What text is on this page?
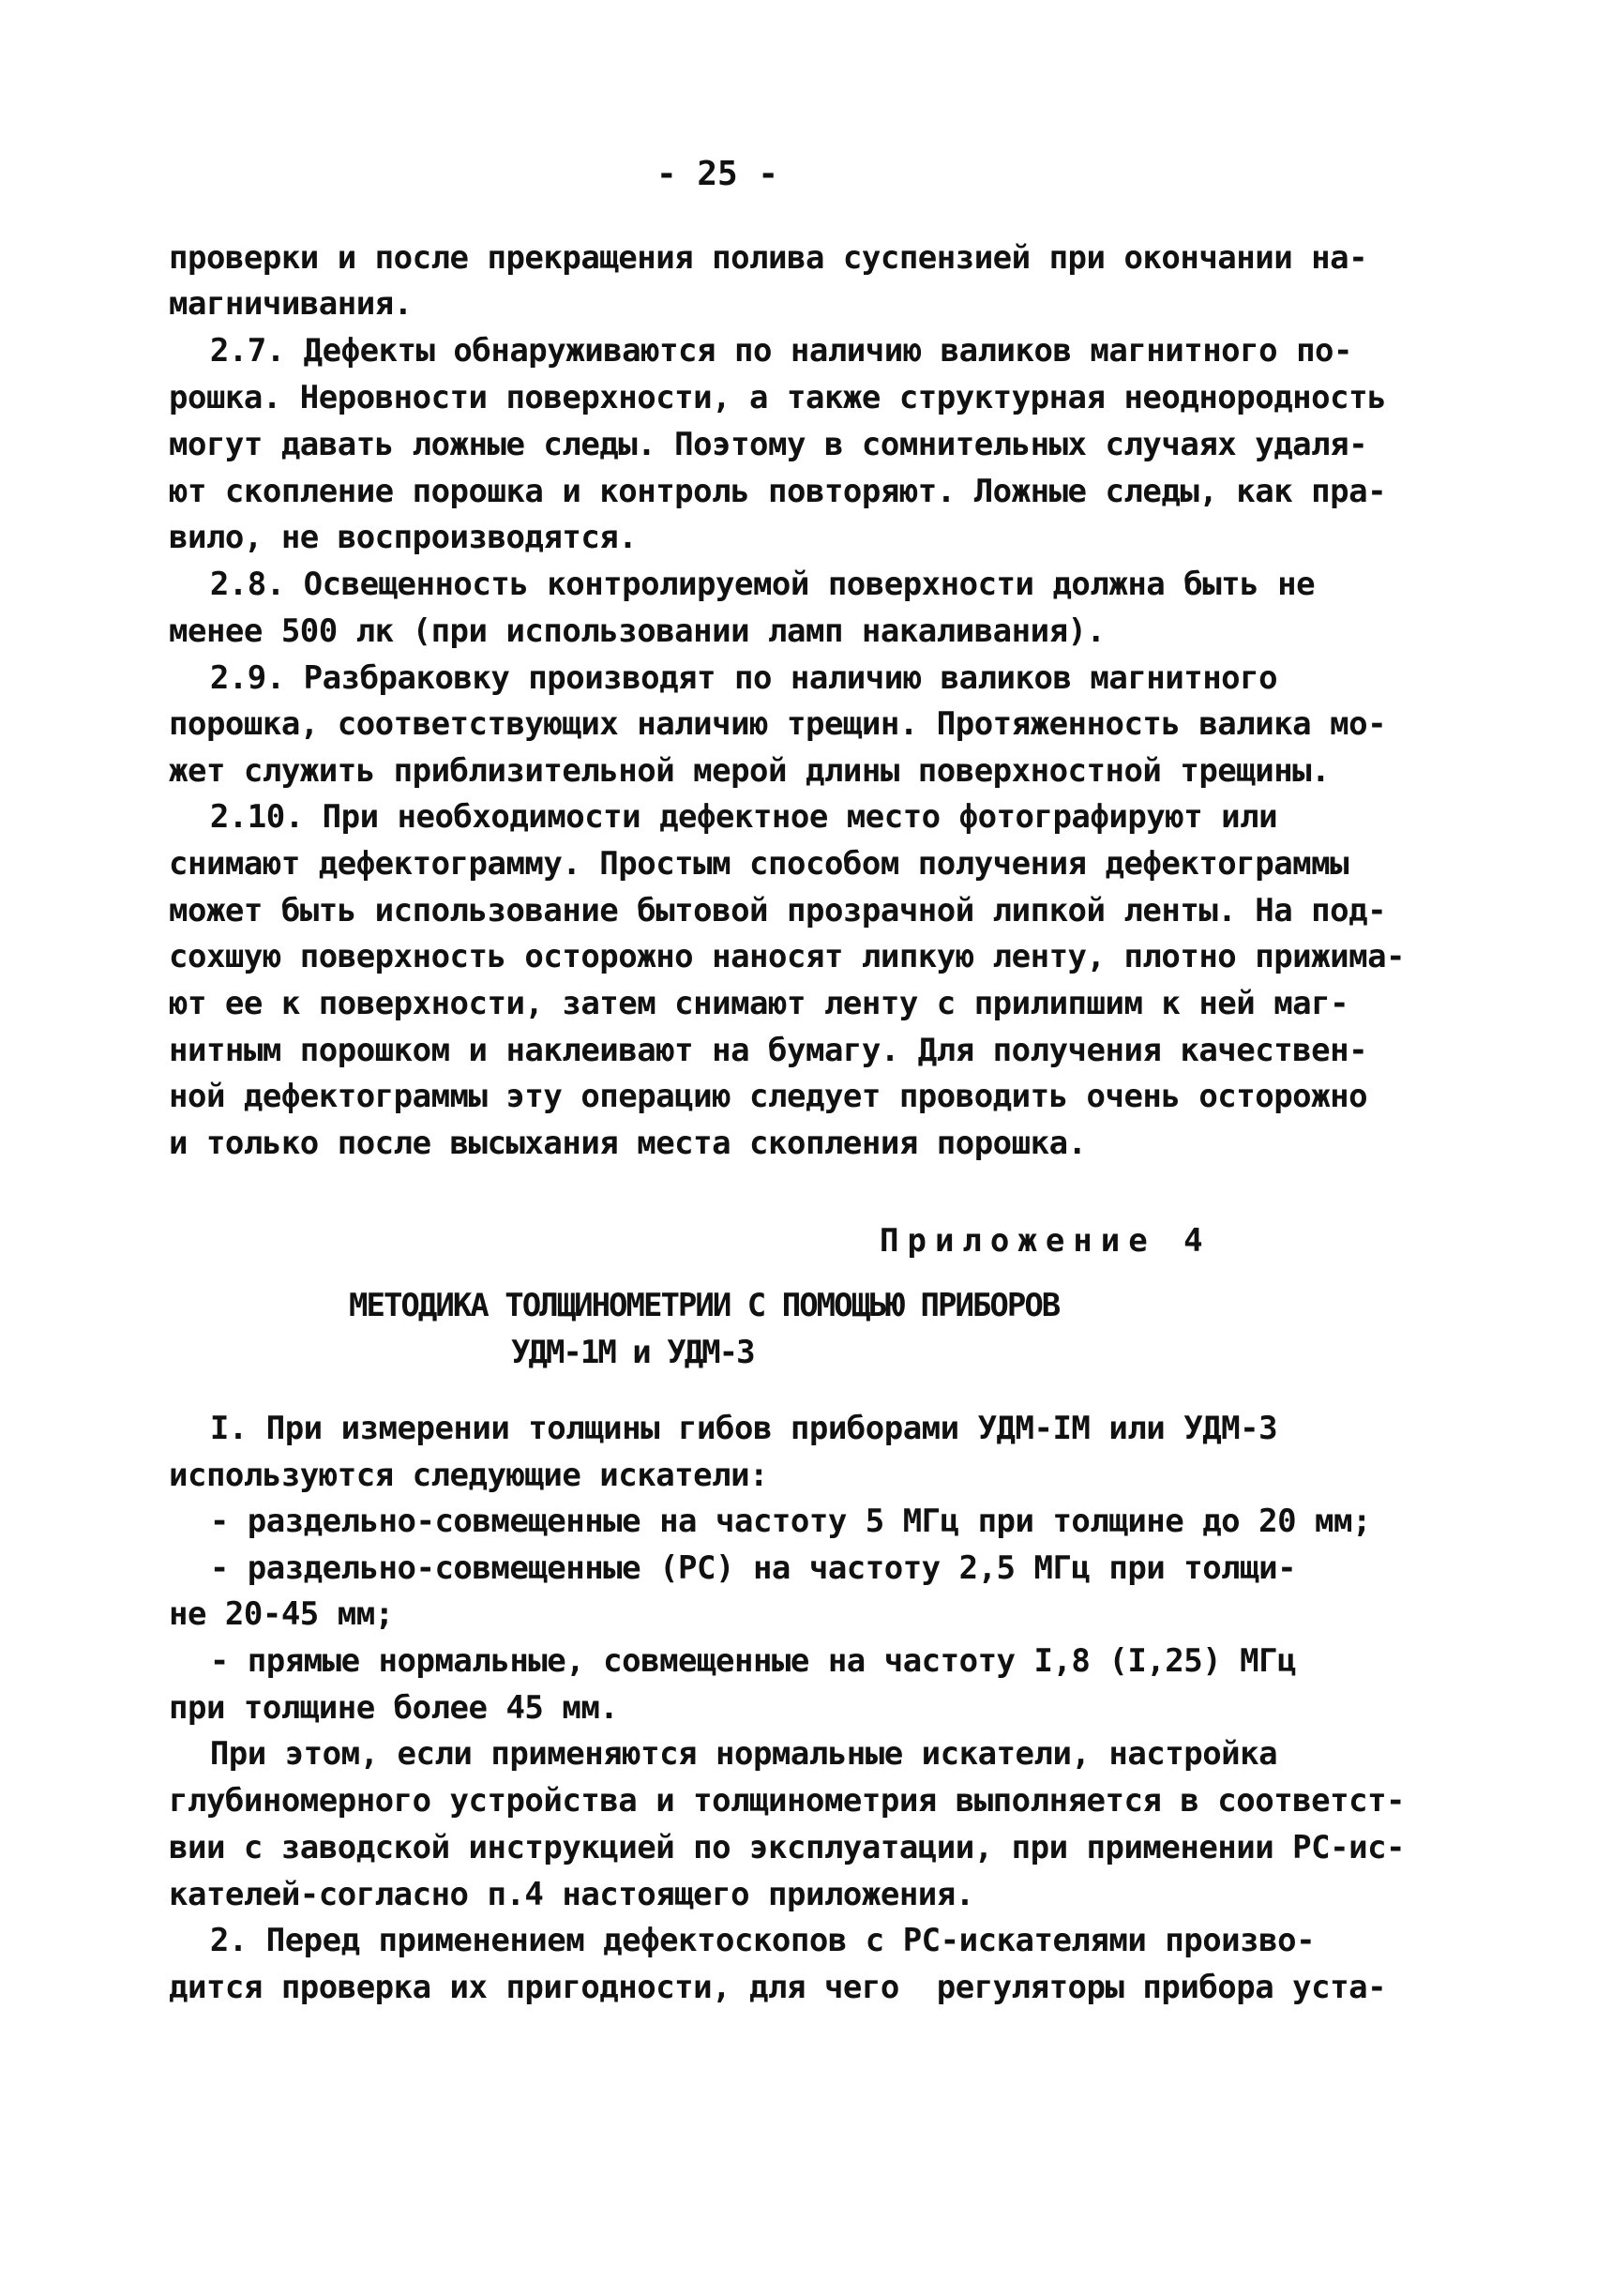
- 25 -
проверки и после прекращения полива суспензией при окончании на-
магничивания.
2.7. Дефекты обнаруживаются по наличию валиков магнитного по-
рошка. Неровности поверхности, а также структурная неоднородность
могут давать ложные следы. Поэтому в сомнительных случаях удаля-
ют скопление порошка и контроль повторяют. Ложные следы, как пра-
вило, не воспроизводятся.
2.8. Освещенность контролируемой поверхности должна быть не
менее 500 лк (при использовании ламп накаливания).
2.9. Разбраковку производят по наличию валиков магнитного
порошка, соответствующих наличию трещин. Протяженность валика мо-
жет служить приблизительной мерой длины поверхностной трещины.
2.10. При необходимости дефектное место фотографируют или
снимают дефектограмму. Простым способом получения дефектограммы
может быть использование бытовой прозрачной липкой ленты. На под-
сохшую поверхность осторожно наносят липкую ленту, плотно прижима-
ют ее к поверхности, затем снимают ленту с прилипшим к ней маг-
нитным порошком и наклеивают на бумагу. Для получения качествен-
ной дефектограммы эту операцию следует проводить очень осторожно
и только после высыхания места скопления порошка.
Приложение 4
МЕТОДИКА ТОЛЩИНОМЕТРИИ С ПОМОЩЬЮ ПРИБОРОВ
УДМ-1М и УДМ-3
I. При измерении толщины гибов приборами УДМ-IM или УДМ-3
используются следующие искатели:
- раздельно-совмещенные на частоту 5 МГц при толщине до 20 мм;
- раздельно-совмещенные (РС) на частоту 2,5 МГц при толщи-
не 20-45 мм;
- прямые нормальные, совмещенные на частоту I,8 (I,25) МГц
при толщине более 45 мм.
При этом, если применяются нормальные искатели, настройка
глубиномерного устройства и толщинометрия выполняется в соответст-
вии с заводской инструкцией по эксплуатации, при применении РС-ис-
кателей-согласно п.4 настоящего приложения.
2. Перед применением дефектоскопов с РС-искателями произво-
дится проверка их пригодности, для чего  регуляторы прибора уста-
